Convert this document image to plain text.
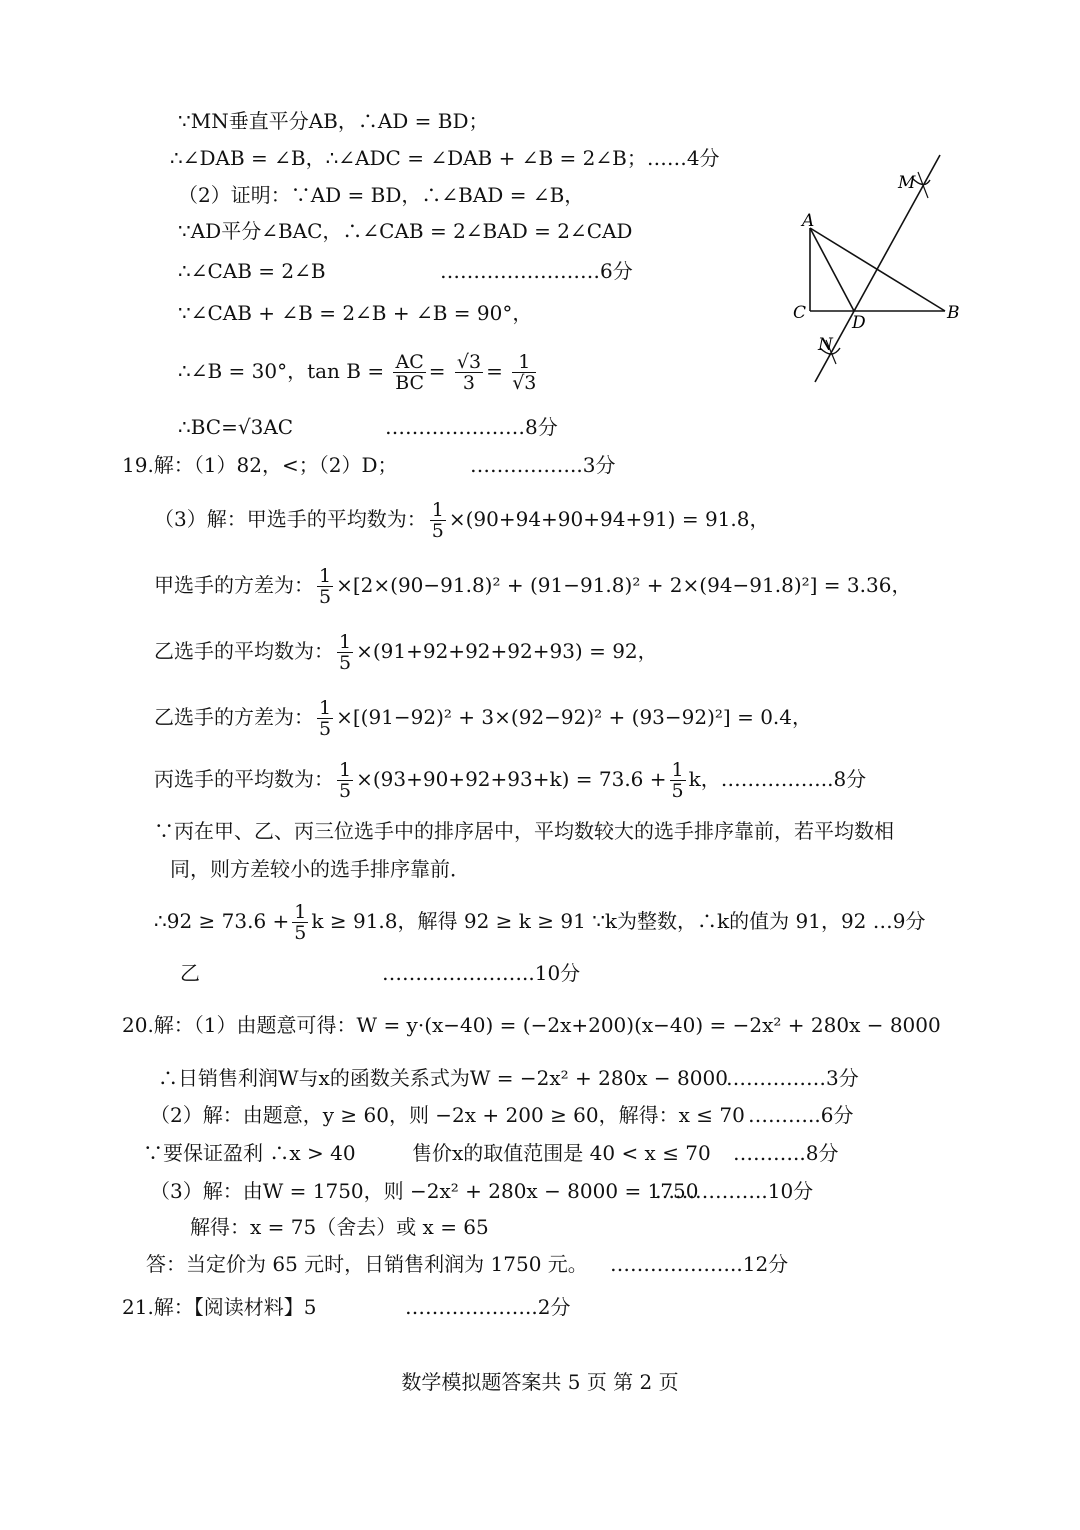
∵MN垂直平分AB，∴AD = BD；
∴∠DAB = ∠B，∴∠ADC = ∠DAB + ∠B = 2∠B；……4分
（2）证明：∵AD = BD，∴∠BAD = ∠B，
∵AD平分∠BAC，∴∠CAB = 2∠BAD = 2∠CAD
∴∠CAB = 2∠B	……………………6分
∵∠CAB + ∠B = 2∠B + ∠B = 90°，
∴∠B = 30°，$\tan B = \frac{AC}{BC} = \frac{√3}{3} = \frac{1}{√3}$
∴BC=√3AC	…………………8分
M
A
C	D	B
N
19.解：（1）82，<；（2）D；	……………..3分
（3）解：甲选手的平均数为： $\frac{1}{5} \times(90+94+90+94+91) = 91.8$，
甲选手的方差为： $\frac{1}{5} \times[2\times(90-91.8)^2 + (91-91.8)^2 + 2\times(94-91.8)^2] = 3.36$，
乙选手的平均数为： $\frac{1}{5} \times(91+92+92+92+93) = 92$，
乙选手的方差为： $\frac{1}{5} \times[(91-92)^2 + 3\times(92-92)^2 + (93-92)^2] = 0.4$，
丙选手的平均数为： $\frac{1}{5} \times(93+90+92+93+k) = 73.6 + \frac{1}{5}$ k，……………..8分
∵丙在甲、乙、丙三位选手中的排序居中，平均数较大的选手排序靠前，若平均数相
同，则方差较小的选手排序靠前．
∴92 ≥ $73.6 + \frac{1}{5}$ k ≥ 91.8，解得 92 ≥ k ≥ 91 ∵k为整数，∴k的值为 91，92 …9分
乙	…………………..10分
20.解：（1）由题意可得：W = y·(x−40) = (−2x+200)(x−40) = −2x² + 280x − 8000
∴日销售利润W与x的函数关系式为W = −2x² + 280x − 8000
……………3分
（2）解：由题意，y ≥ 60，则 −2x + 200 ≥ 60，解得：x ≤ 70 ………..6分
∵要保证盈利 ∴x > 40	售价x的取值范围是 40 < x ≤ 70 ………..8分
（3）解：由W = 1750，则 −2x² + 280x − 8000 = 1750
……………..10分
解得：x = 75（舍去）或 x = 65
答：当定价为 65 元时，日销售利润为 1750 元。 ………………..12分
21.解：【阅读材料】5	………………..2分
数学模拟题答案共 5 页 第 2 页
